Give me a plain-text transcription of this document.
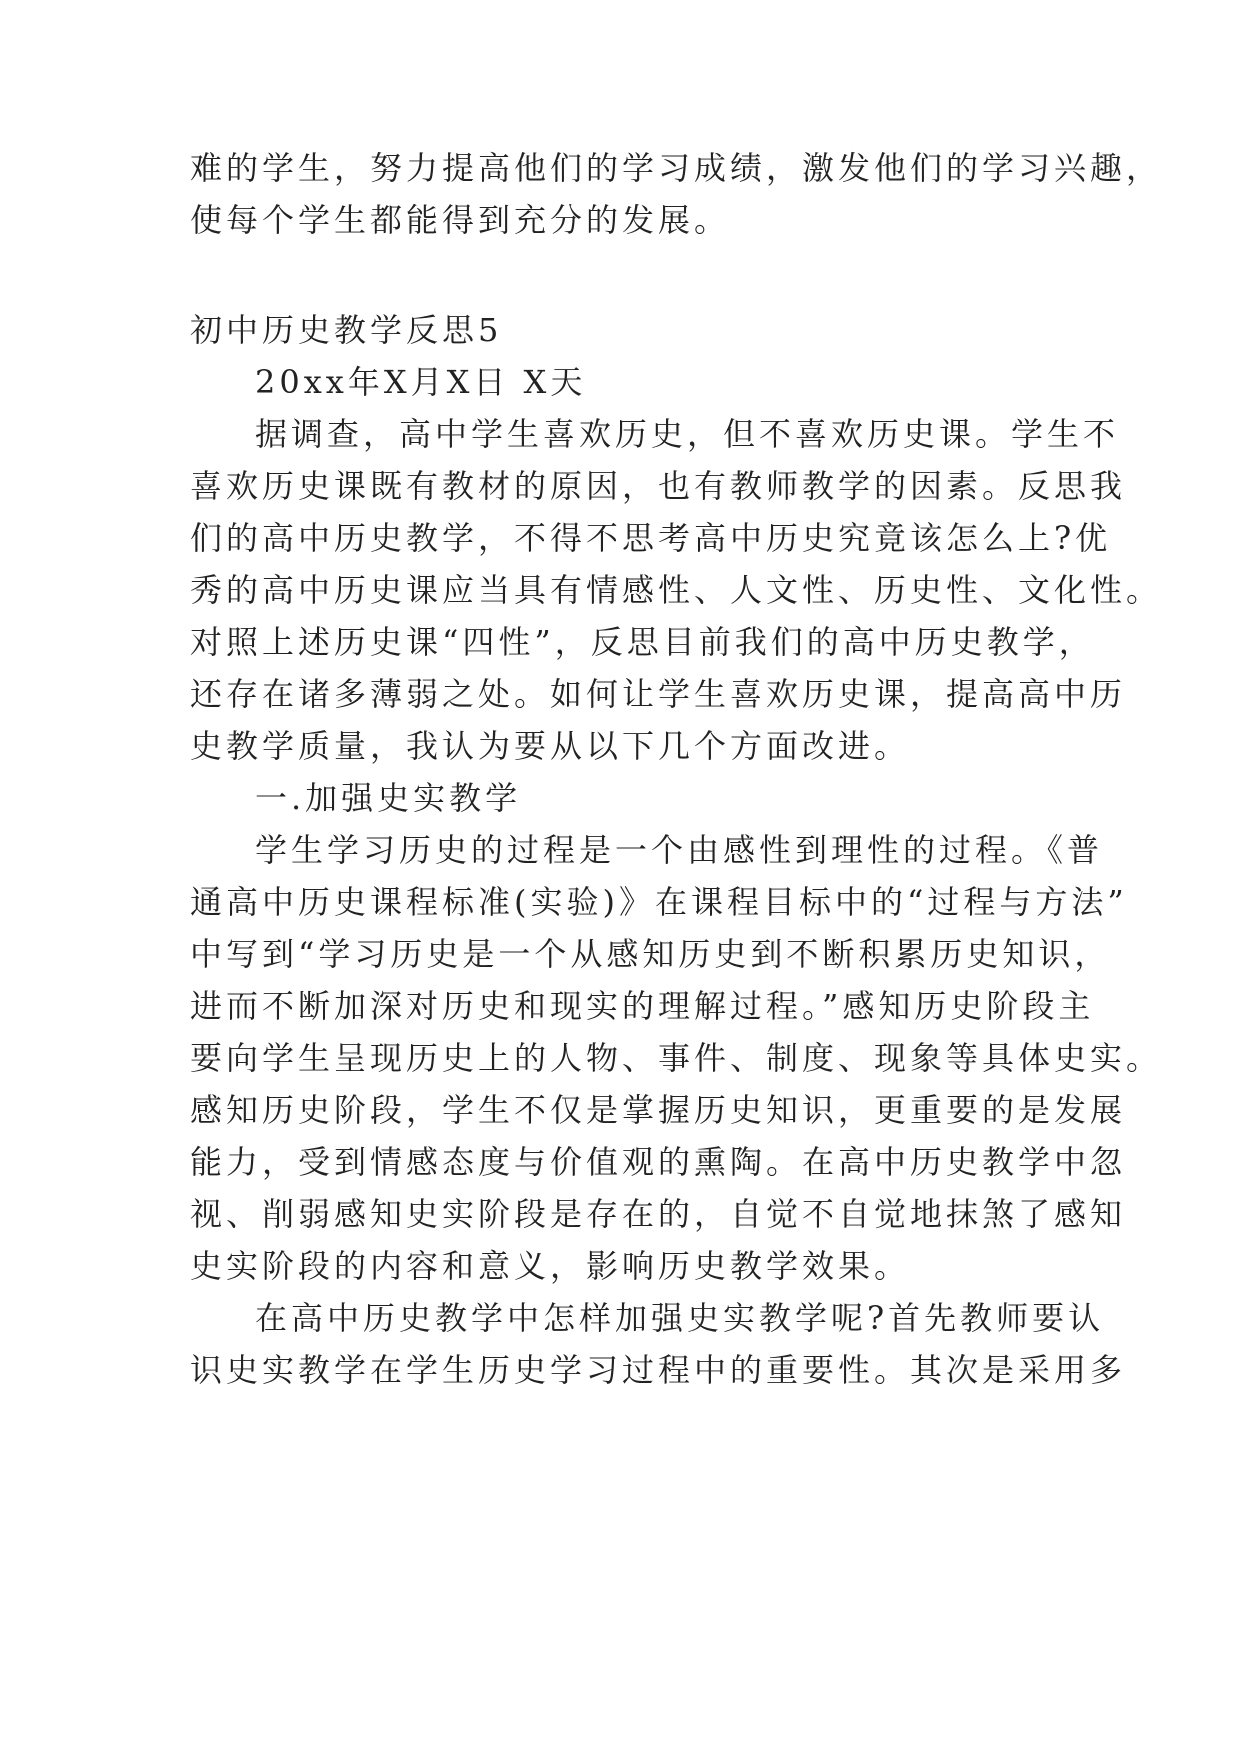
难的学生，努力提高他们的学习成绩，激发他们的学习兴趣，
使每个学生都能得到充分的发展。
初中历史教学反思5
20xx年X月X日 X天
据调查，高中学生喜欢历史，但不喜欢历史课。学生不
喜欢历史课既有教材的原因，也有教师教学的因素。反思我
们的高中历史教学，不得不思考高中历史究竟该怎么上?优
秀的高中历史课应当具有情感性、人文性、历史性、文化性。
对照上述历史课“四性”，反思目前我们的高中历史教学，
还存在诸多薄弱之处。如何让学生喜欢历史课，提高高中历
史教学质量，我认为要从以下几个方面改进。
一.加强史实教学
学生学习历史的过程是一个由感性到理性的过程。《普
通高中历史课程标准(实验)》在课程目标中的“过程与方法”
中写到“学习历史是一个从感知历史到不断积累历史知识，
进而不断加深对历史和现实的理解过程。”感知历史阶段主
要向学生呈现历史上的人物、事件、制度、现象等具体史实。
感知历史阶段，学生不仅是掌握历史知识，更重要的是发展
能力，受到情感态度与价值观的熏陶。在高中历史教学中忽
视、削弱感知史实阶段是存在的，自觉不自觉地抹煞了感知
史实阶段的内容和意义，影响历史教学效果。
在高中历史教学中怎样加强史实教学呢?首先教师要认
识史实教学在学生历史学习过程中的重要性。其次是采用多
